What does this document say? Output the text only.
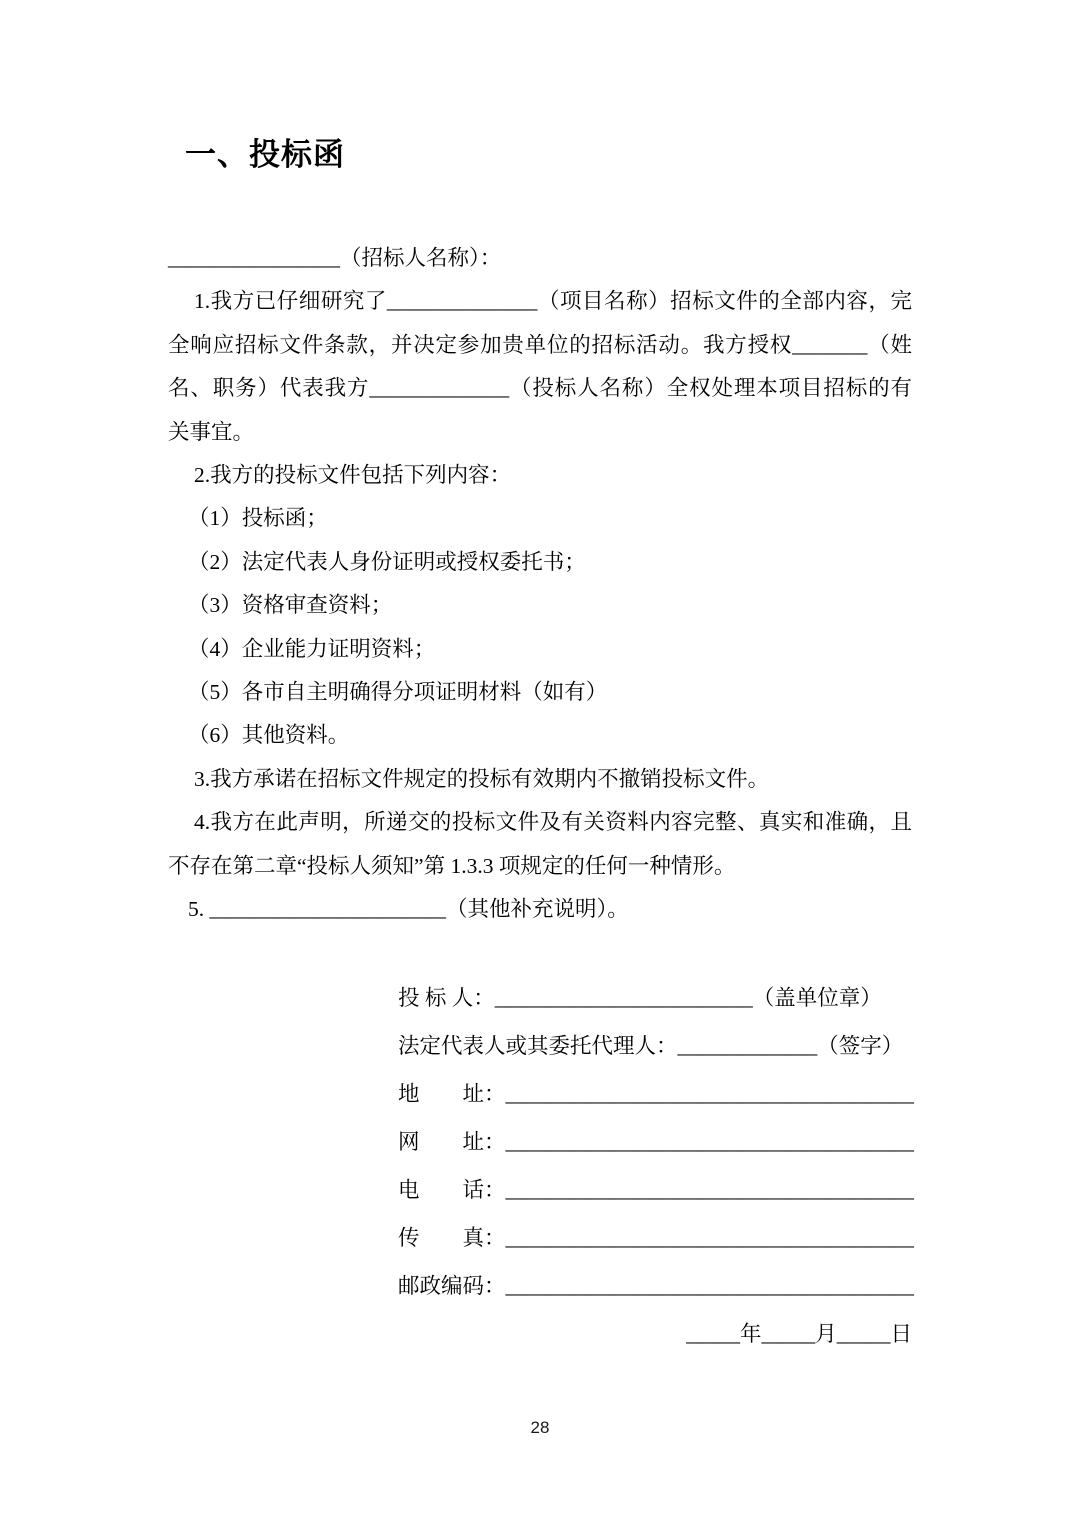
一、投标函
________________（招标人名称）：
1.我方已仔细研究了______________（项目名称）招标文件的全部内容，完
全响应招标文件条款，并决定参加贵单位的招标活动。我方授权_______（姓
名、职务）代表我方_____________（投标人名称）全权处理本项目招标的有
关事宜。
2.我方的投标文件包括下列内容：
（1）投标函；
（2）法定代表人身份证明或授权委托书；
（3）资格审查资料；
（4）企业能力证明资料；
（5）各市自主明确得分项证明材料（如有）
（6）其他资料。
3.我方承诺在招标文件规定的投标有效期内不撤销投标文件。
4.我方在此声明，所递交的投标文件及有关资料内容完整、真实和准确，且
不存在第二章“投标人须知”第 1.3.3 项规定的任何一种情形。
5. ______________________（其他补充说明）。
投 标 人：________________________（盖单位章）
法定代表人或其委托代理人：_____________（签字）
地　　址：______________________________________
网　　址：______________________________________
电　　话：______________________________________
传　　真：______________________________________
邮政编码：______________________________________
_____年_____月_____日
28
